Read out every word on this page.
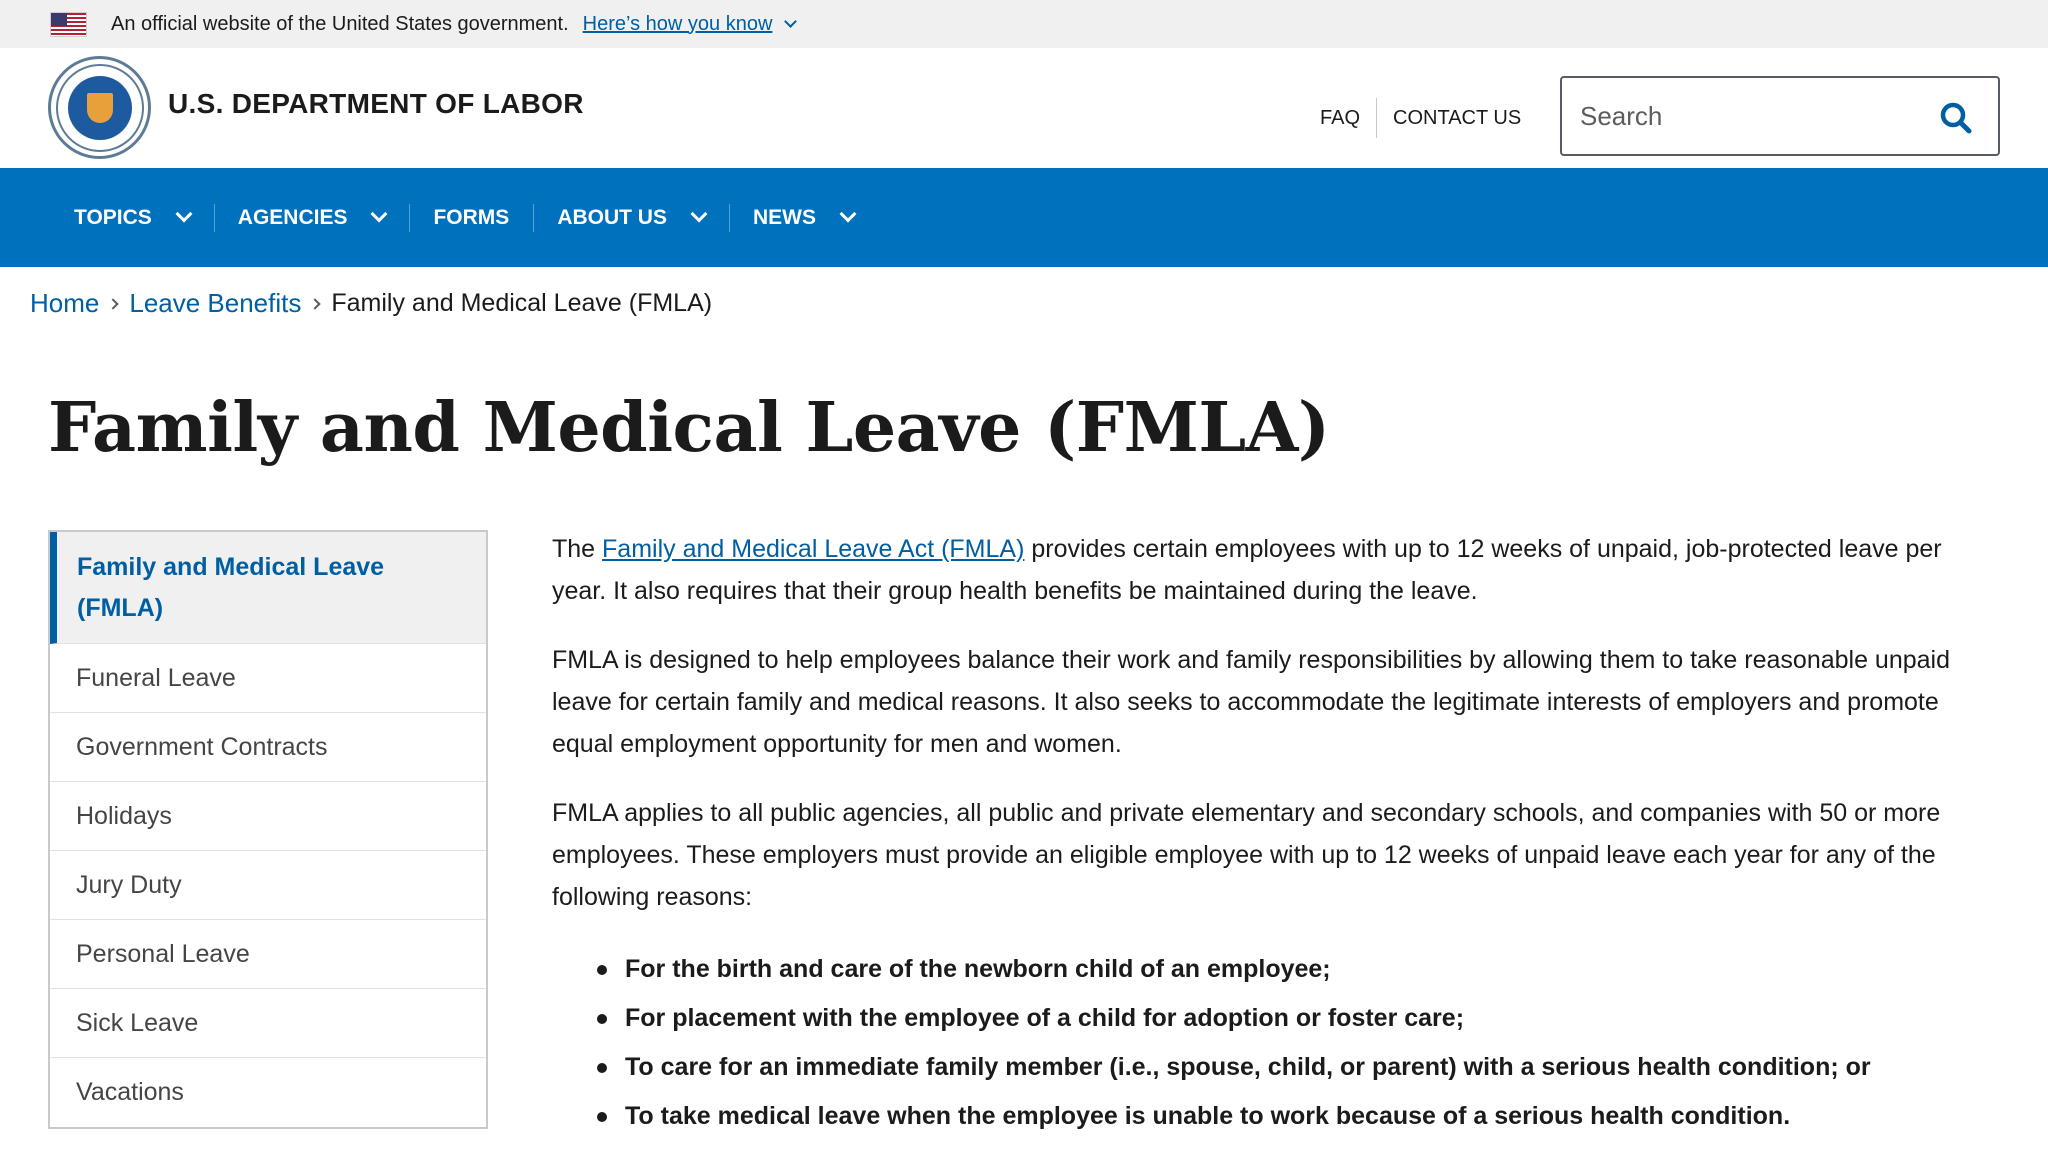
An official website of the United States government. Here’s how you know
U.S. DEPARTMENT OF LABOR	FAQ	CONTACT US
Search
TOPICS	AGENCIES	FORMS ABOUT US	NEWS
Home Leave Benefits Family and Medical Leave (FMLA)
Family and Medical Leave (FMLA)
Family and Medical Leave (FMLA)
Funeral Leave
Government Contracts
Holidays
Jury Duty
Personal Leave
Sick Leave
Vacations

The Family and Medical Leave Act (FMLA) provides certain employees with up to 12 weeks of unpaid, job-protected leave per year. It also requires that their group health benefits be maintained during the leave.

FMLA is designed to help employees balance their work and family responsibilities by allowing them to take reasonable unpaid leave for certain family and medical reasons. It also seeks to accommodate the legitimate interests of employers and promote equal employment opportunity for men and women.

FMLA applies to all public agencies, all public and private elementary and secondary schools, and companies with 50 or more employees. These employers must provide an eligible employee with up to 12 weeks of unpaid leave each year for any of the following reasons:

For the birth and care of the newborn child of an employee;
For placement with the employee of a child for adoption or foster care;
To care for an immediate family member (i.e., spouse, child, or parent) with a serious health condition; or
To take medical leave when the employee is unable to work because of a serious health condition.
